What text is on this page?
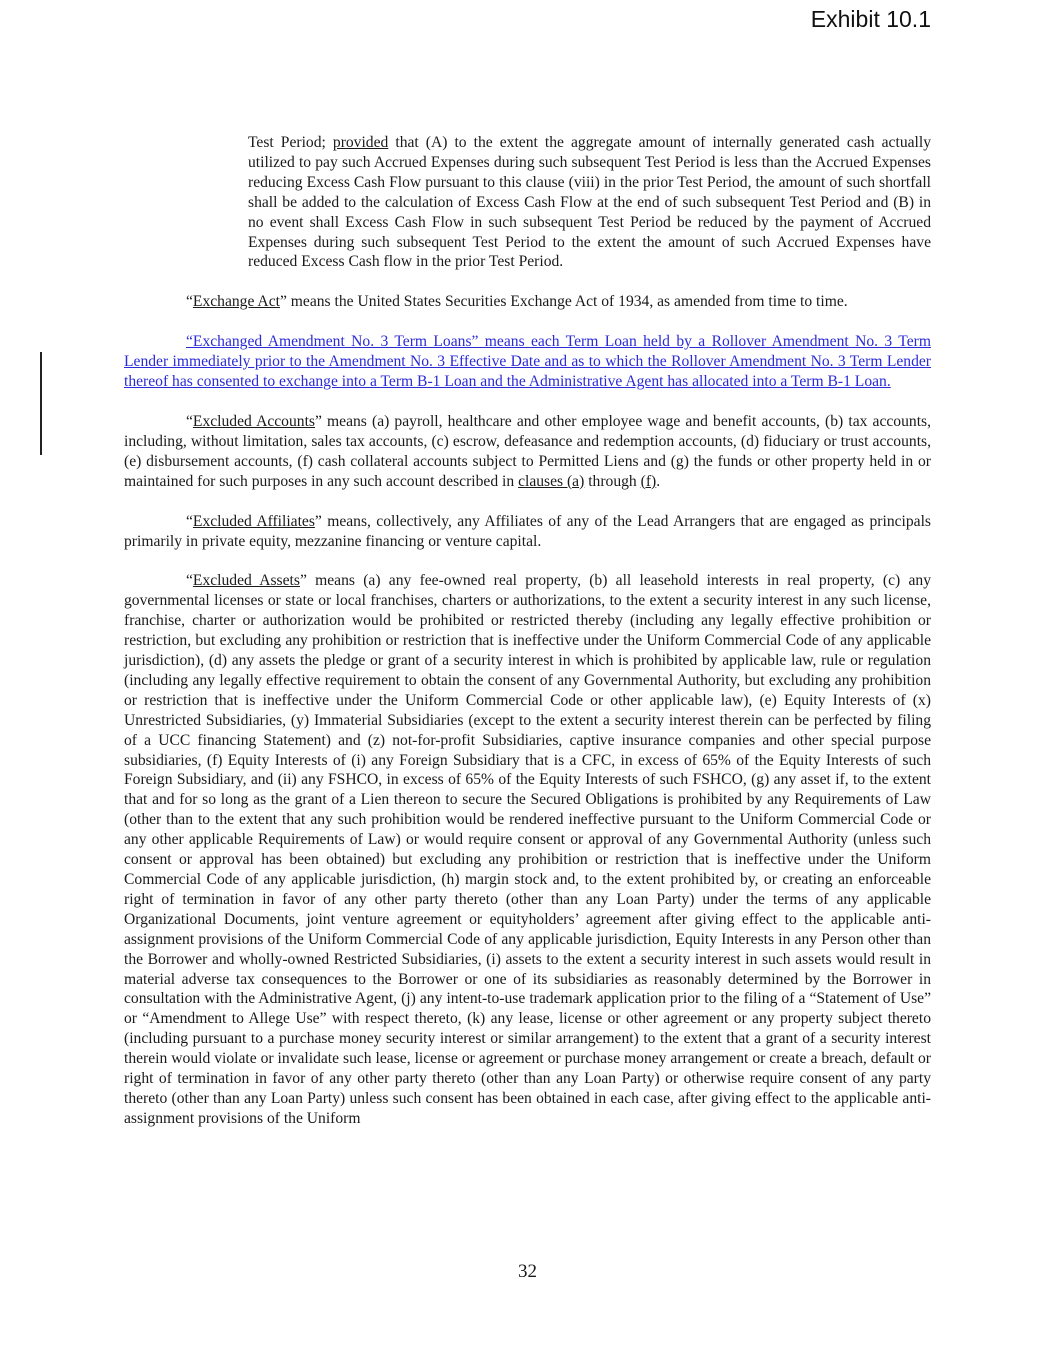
Exhibit 10.1

Test Period; provided that (A) to the extent the aggregate amount of internally generated cash actually utilized to pay such Accrued Expenses during such subsequent Test Period is less than the Accrued Expenses reducing Excess Cash Flow pursuant to this clause (viii) in the prior Test Period, the amount of such shortfall shall be added to the calculation of Excess Cash Flow at the end of such subsequent Test Period and (B) in no event shall Excess Cash Flow in such subsequent Test Period be reduced by the payment of Accrued Expenses during such subsequent Test Period to the extent the amount of such Accrued Expenses have reduced Excess Cash flow in the prior Test Period.

“Exchange Act” means the United States Securities Exchange Act of 1934, as amended from time to time.

“Exchanged Amendment No. 3 Term Loans” means each Term Loan held by a Rollover Amendment No. 3 Term Lender immediately prior to the Amendment No. 3 Effective Date and as to which the Rollover Amendment No. 3 Term Lender thereof has consented to exchange into a Term B-1 Loan and the Administrative Agent has allocated into a Term B-1 Loan.

“Excluded Accounts” means (a) payroll, healthcare and other employee wage and benefit accounts, (b) tax accounts, including, without limitation, sales tax accounts, (c) escrow, defeasance and redemption accounts, (d) fiduciary or trust accounts, (e) disbursement accounts, (f) cash collateral accounts subject to Permitted Liens and (g) the funds or other property held in or maintained for such purposes in any such account described in clauses (a) through (f).

“Excluded Affiliates” means, collectively, any Affiliates of any of the Lead Arrangers that are engaged as principals primarily in private equity, mezzanine financing or venture capital.

“Excluded Assets” means (a) any fee-owned real property, (b) all leasehold interests in real property, (c) any governmental licenses or state or local franchises, charters or authorizations, to the extent a security interest in any such license, franchise, charter or authorization would be prohibited or restricted thereby (including any legally effective prohibition or restriction, but excluding any prohibition or restriction that is ineffective under the Uniform Commercial Code of any applicable jurisdiction), (d) any assets the pledge or grant of a security interest in which is prohibited by applicable law, rule or regulation (including any legally effective requirement to obtain the consent of any Governmental Authority, but excluding any prohibition or restriction that is ineffective under the Uniform Commercial Code or other applicable law), (e) Equity Interests of (x) Unrestricted Subsidiaries, (y) Immaterial Subsidiaries (except to the extent a security interest therein can be perfected by filing of a UCC financing Statement) and (z) not-for-profit Subsidiaries, captive insurance companies and other special purpose subsidiaries, (f) Equity Interests of (i) any Foreign Subsidiary that is a CFC, in excess of 65% of the Equity Interests of such Foreign Subsidiary, and (ii) any FSHCO, in excess of 65% of the Equity Interests of such FSHCO, (g) any asset if, to the extent that and for so long as the grant of a Lien thereon to secure the Secured Obligations is prohibited by any Requirements of Law (other than to the extent that any such prohibition would be rendered ineffective pursuant to the Uniform Commercial Code or any other applicable Requirements of Law) or would require consent or approval of any Governmental Authority (unless such consent or approval has been obtained) but excluding any prohibition or restriction that is ineffective under the Uniform Commercial Code of any applicable jurisdiction, (h) margin stock and, to the extent prohibited by, or creating an enforceable right of termination in favor of any other party thereto (other than any Loan Party) under the terms of any applicable Organizational Documents, joint venture agreement or equityholders’ agreement after giving effect to the applicable anti-assignment provisions of the Uniform Commercial Code of any applicable jurisdiction, Equity Interests in any Person other than the Borrower and wholly-owned Restricted Subsidiaries, (i) assets to the extent a security interest in such assets would result in material adverse tax consequences to the Borrower or one of its subsidiaries as reasonably determined by the Borrower in consultation with the Administrative Agent, (j) any intent-to-use trademark application prior to the filing of a “Statement of Use” or “Amendment to Allege Use” with respect thereto, (k) any lease, license or other agreement or any property subject thereto (including pursuant to a purchase money security interest or similar arrangement) to the extent that a grant of a security interest therein would violate or invalidate such lease, license or agreement or purchase money arrangement or create a breach, default or right of termination in favor of any other party thereto (other than any Loan Party) or otherwise require consent of any party thereto (other than any Loan Party) unless such consent has been obtained in each case, after giving effect to the applicable anti-assignment provisions of the Uniform

32
